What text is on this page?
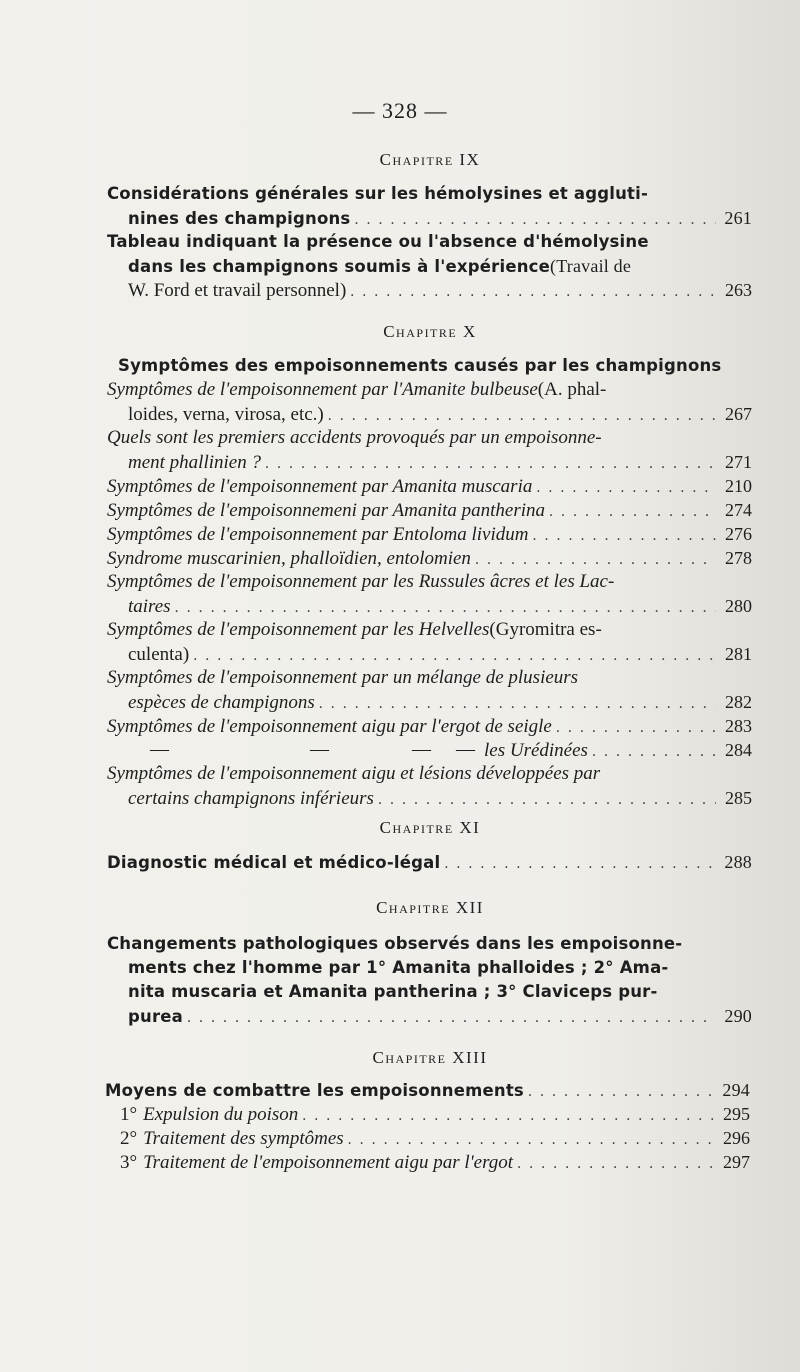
— 328 —
Chapitre IX
Chapitre X
Chapitre XI
Chapitre XII
Chapitre XIII
Considérations générales sur les hémolysines et aggluti-
nines des champignons . . .	261
Tableau indiquant la présence ou l'absence d'hémolysine
dans les champignons soumis à l'expérience (Travail de
W. Ford et travail personnel) . . .	263
Symptômes des empoisonnements causés par les champignons
Symptômes de l'empoisonnement par l'Amanite bulbeuse (A. phal-
loides, verna, virosa, etc.) . . .	267
Quels sont les premiers accidents provoqués par un empoisonne-
ment phallinien ? . . .	271
Symptômes de l'empoisonnement par Amanita muscaria . . .	210
Symptômes de l'empoisonnemeni par Amanita pantherina . . .	274
Symptômes de l'empoisonnement par Entoloma lividum . . .	276
Syndrome muscarinien, phalloïdien, entolomien . . .	278
Symptômes de l'empoisonnement par les Russules âcres et les Lac-
taires . . .	280
Symptômes de l'empoisonnement par les Helvelles (Gyromitra es-
culenta) . . .	281
Symptômes de l'empoisonnement par un mélange de plusieurs
espèces de champignons . . .	282
Symptômes de l'empoisonnement aigu par l'ergot de seigle . . .	283
—	—	— — les Urédinées . . .	284
Symptômes de l'empoisonnement aigu et lésions développées par
certains champignons inférieurs . . .	285
Diagnostic médical et médico-légal . . .	288
Changements pathologiques observés dans les empoisonne-
ments chez l'homme par 1° Amanita phalloides ; 2° Ama-
nita muscaria et Amanita pantherina ; 3° Claviceps pur-
purea . . .	290
Moyens de combattre les empoisonnements . . .	294
1° Expulsion du poison . . .	295
2° Traitement des symptômes . . .	296
3° Traitement de l'empoisonnement aigu par l'ergot . . .	297
